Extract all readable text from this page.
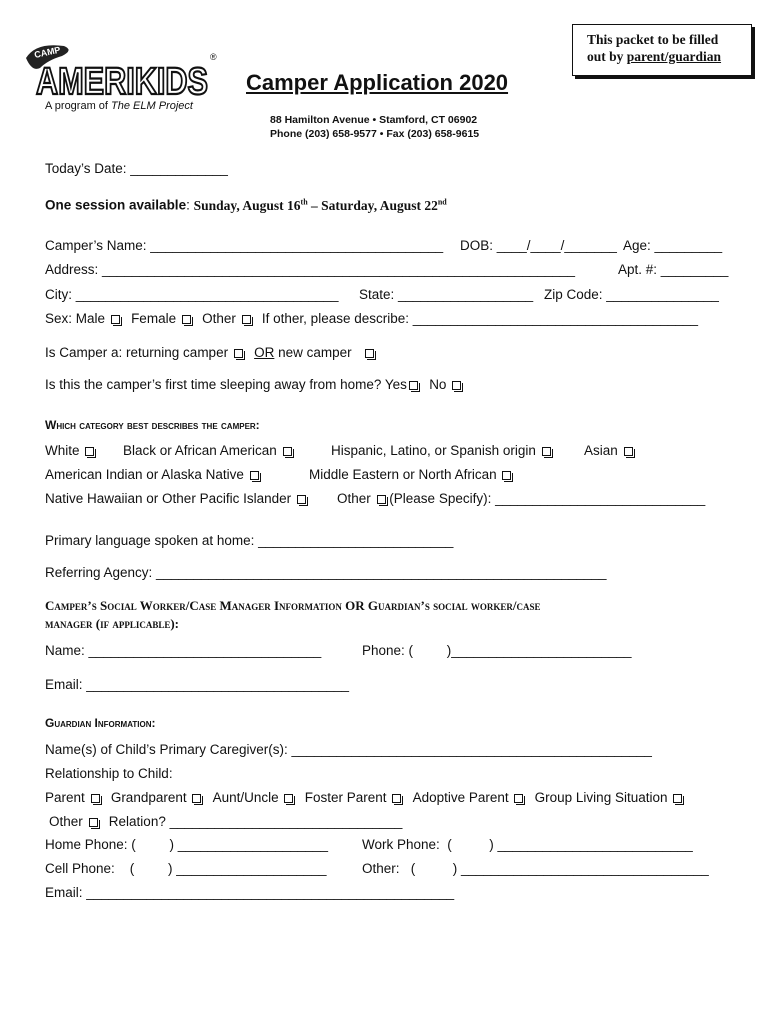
This packet to be filled
out by parent/guardian
CAMP
AMERIKIDS
®
A program of The ELM Project
Camper Application 2020
88 Hamilton Avenue • Stamford, CT 06902
Phone (203) 658-9577 • Fax (203) 658-9615
Today’s Date: _____________
One session available: Sunday, August 16th – Saturday, August 22nd
Camper’s Name: _______________________________________ DOB: ____/____/_______ Age: _________
Address: _______________________________________________________________	Apt. #: _________
City: ___________________________________ State: __________________ Zip Code: _______________
Sex: Male Female Other If other, please describe: ______________________________________
Is Camper a: returning camper OR new camper
Is this the camper’s first time sleeping away from home? Yes No
Which category best describes the camper:
White	Black or African American	Hispanic, Latino, or Spanish origin	Asian
American Indian or Alaska Native	Middle Eastern or North African
Native Hawaiian or Other Pacific Islander	Other (Please Specify): ____________________________
Primary language spoken at home: __________________________
Referring Agency: ____________________________________________________________
Camper’s Social Worker/Case Manager Information OR Guardian’s social worker/case
manager (if applicable):
Name: _______________________________	Phone: (         )________________________
Email: ___________________________________
Guardian Information:
Name(s) of Child’s Primary Caregiver(s): ________________________________________________
Relationship to Child:
Parent Grandparent Aunt/Uncle Foster Parent Adoptive Parent Group Living Situation
Other Relation? _______________________________
Home Phone: (         ) ____________________	Work Phone:  (          ) __________________________
Cell Phone:    (         ) ____________________	Other:   (          ) _________________________________
Email: _________________________________________________
